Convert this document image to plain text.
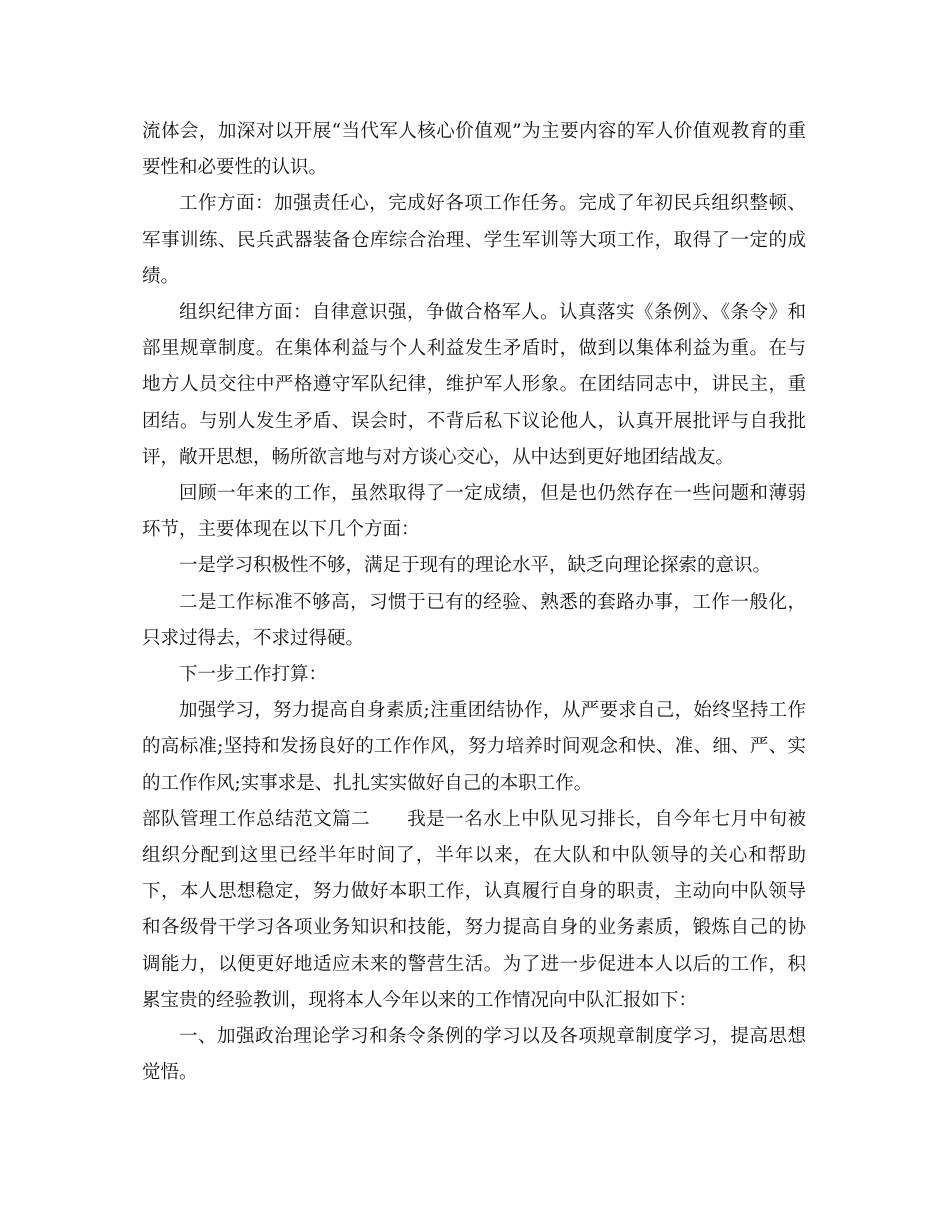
流体会，加深对以开展“当代军人核心价值观”为主要内容的军人价值观教育的重要性和必要性的认识。

工作方面：加强责任心，完成好各项工作任务。完成了年初民兵组织整顿、军事训练、民兵武器装备仓库综合治理、学生军训等大项工作，取得了一定的成绩。

组织纪律方面：自律意识强，争做合格军人。认真落实《条例》、《条令》和部里规章制度。在集体利益与个人利益发生矛盾时，做到以集体利益为重。在与地方人员交往中严格遵守军队纪律，维护军人形象。在团结同志中，讲民主，重团结。与别人发生矛盾、误会时，不背后私下议论他人，认真开展批评与自我批评，敞开思想，畅所欲言地与对方谈心交心，从中达到更好地团结战友。

回顾一年来的工作，虽然取得了一定成绩，但是也仍然存在一些问题和薄弱环节，主要体现在以下几个方面：

一是学习积极性不够，满足于现有的理论水平，缺乏向理论探索的意识。

二是工作标准不够高，习惯于已有的经验、熟悉的套路办事，工作一般化，只求过得去，不求过得硬。

下一步工作打算：

加强学习，努力提高自身素质;注重团结协作，从严要求自己，始终坚持工作的高标准;坚持和发扬良好的工作作风，努力培养时间观念和快、准、细、严、实的工作作风;实事求是、扎扎实实做好自己的本职工作。

部队管理工作总结范文篇二 我是一名水上中队见习排长，自今年七月中旬被组织分配到这里已经半年时间了，半年以来，在大队和中队领导的关心和帮助下，本人思想稳定，努力做好本职工作，认真履行自身的职责，主动向中队领导和各级骨干学习各项业务知识和技能，努力提高自身的业务素质，锻炼自己的协调能力，以便更好地适应未来的警营生活。为了进一步促进本人以后的工作，积累宝贵的经验教训，现将本人今年以来的工作情况向中队汇报如下：

一、加强政治理论学习和条令条例的学习以及各项规章制度学习，提高思想觉悟。
